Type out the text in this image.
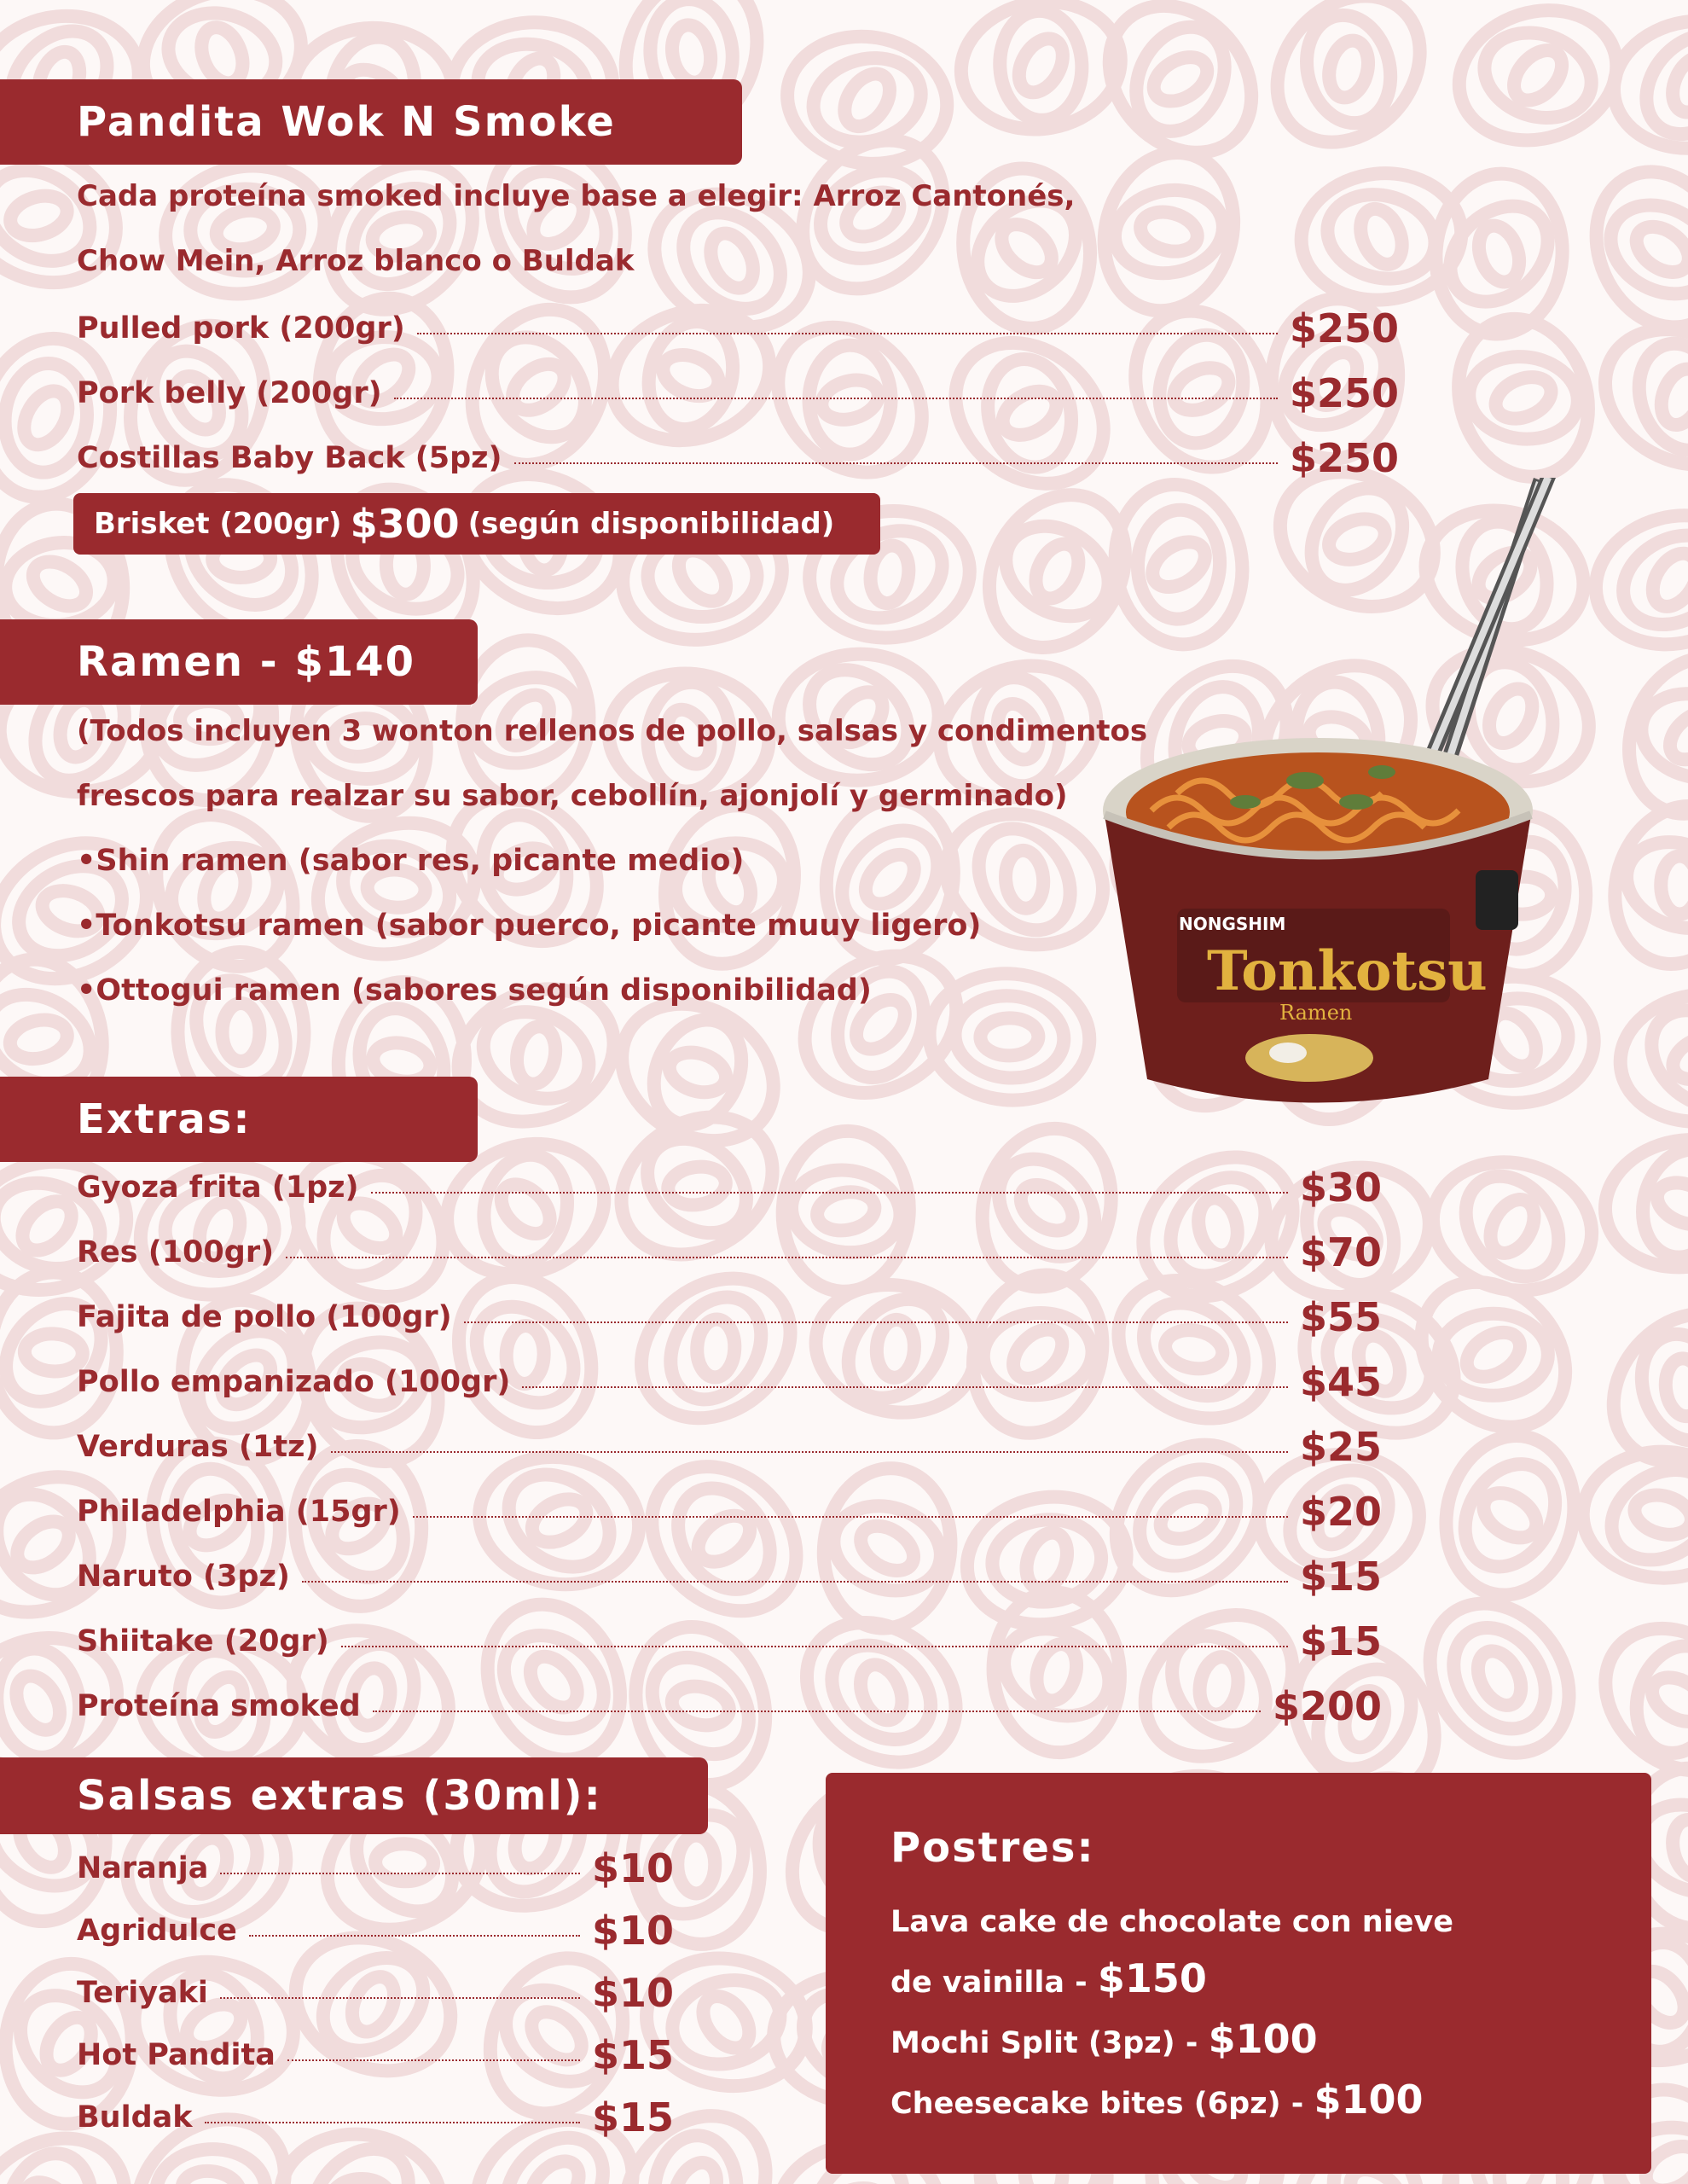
Pandita Wok N Smoke
Cada proteína smoked incluye base a elegir: Arroz Cantonés,
Chow Mein, Arroz blanco o Buldak
Pulled pork (200gr)	$250
Pork belly (200gr)	$250
Costillas Baby Back (5pz)	$250
Brisket (200gr) $300 (según disponibilidad)
Ramen - $140
(Todos incluyen 3 wonton rellenos de pollo, salsas y condimentos
frescos para realzar su sabor, cebollín, ajonjolí y germinado)
•Shin ramen (sabor res, picante medio)
•Tonkotsu ramen (sabor puerco, picante muuy ligero)
•Ottogui ramen (sabores según disponibilidad)
NONGSHIM
Tonkotsu
Ramen
Extras:
Gyoza frita (1pz)	$30
Res (100gr)	$70
Fajita de pollo (100gr)	$55
Pollo empanizado (100gr)	$45
Verduras (1tz)	$25
Philadelphia (15gr)	$20
Naruto (3pz)	$15
Shiitake (20gr)	$15
Proteína smoked	$200
Salsas extras (30ml):
Naranja	$10
Agridulce	$10
Teriyaki	$10
Hot Pandita	$15
Buldak	$15
Postres:
Lava cake de chocolate con nieve
de vainilla - $150
Mochi Split (3pz) - $100
Cheesecake bites (6pz) - $100
